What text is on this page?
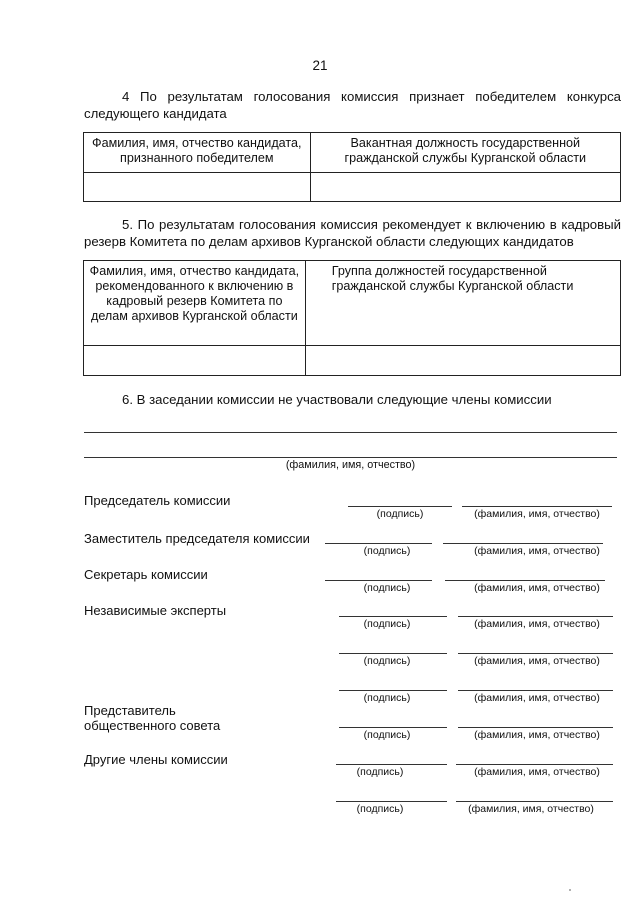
21
4 По результатам голосования комиссия признает победителем конкурса следующего кандидата
Фамилия, имя, отчество кандидата, признанного победителем	Вакантная должность государственной гражданской службы Курганской области

5. По результатам голосования комиссия рекомендует к включению в кадровый резерв Комитета по делам архивов Курганской области следующих кандидатов
Фамилия, имя, отчество кандидата, рекомендованного к включению в кадровый резерв Комитета по делам архивов Курганской области	Группа должностей государственной гражданской службы Курганской области

6. В заседании комиссии не участвовали следующие члены комиссии
(фамилия, имя, отчество)
Председатель комиссии
(подпись)	(фамилия, имя, отчество)
Заместитель председателя комиссии
(подпись)	(фамилия, имя, отчество)
Секретарь комиссии
(подпись)	(фамилия, имя, отчество)
Независимые эксперты
(подпись)	(фамилия, имя, отчество)
(подпись)	(фамилия, имя, отчество)
(подпись)	(фамилия, имя, отчество)
Представитель общественного совета
(подпись)	(фамилия, имя, отчество)
Другие члены комиссии
(подпись)	(фамилия, имя, отчество)
(подпись)	(фамилия, имя, отчество)
